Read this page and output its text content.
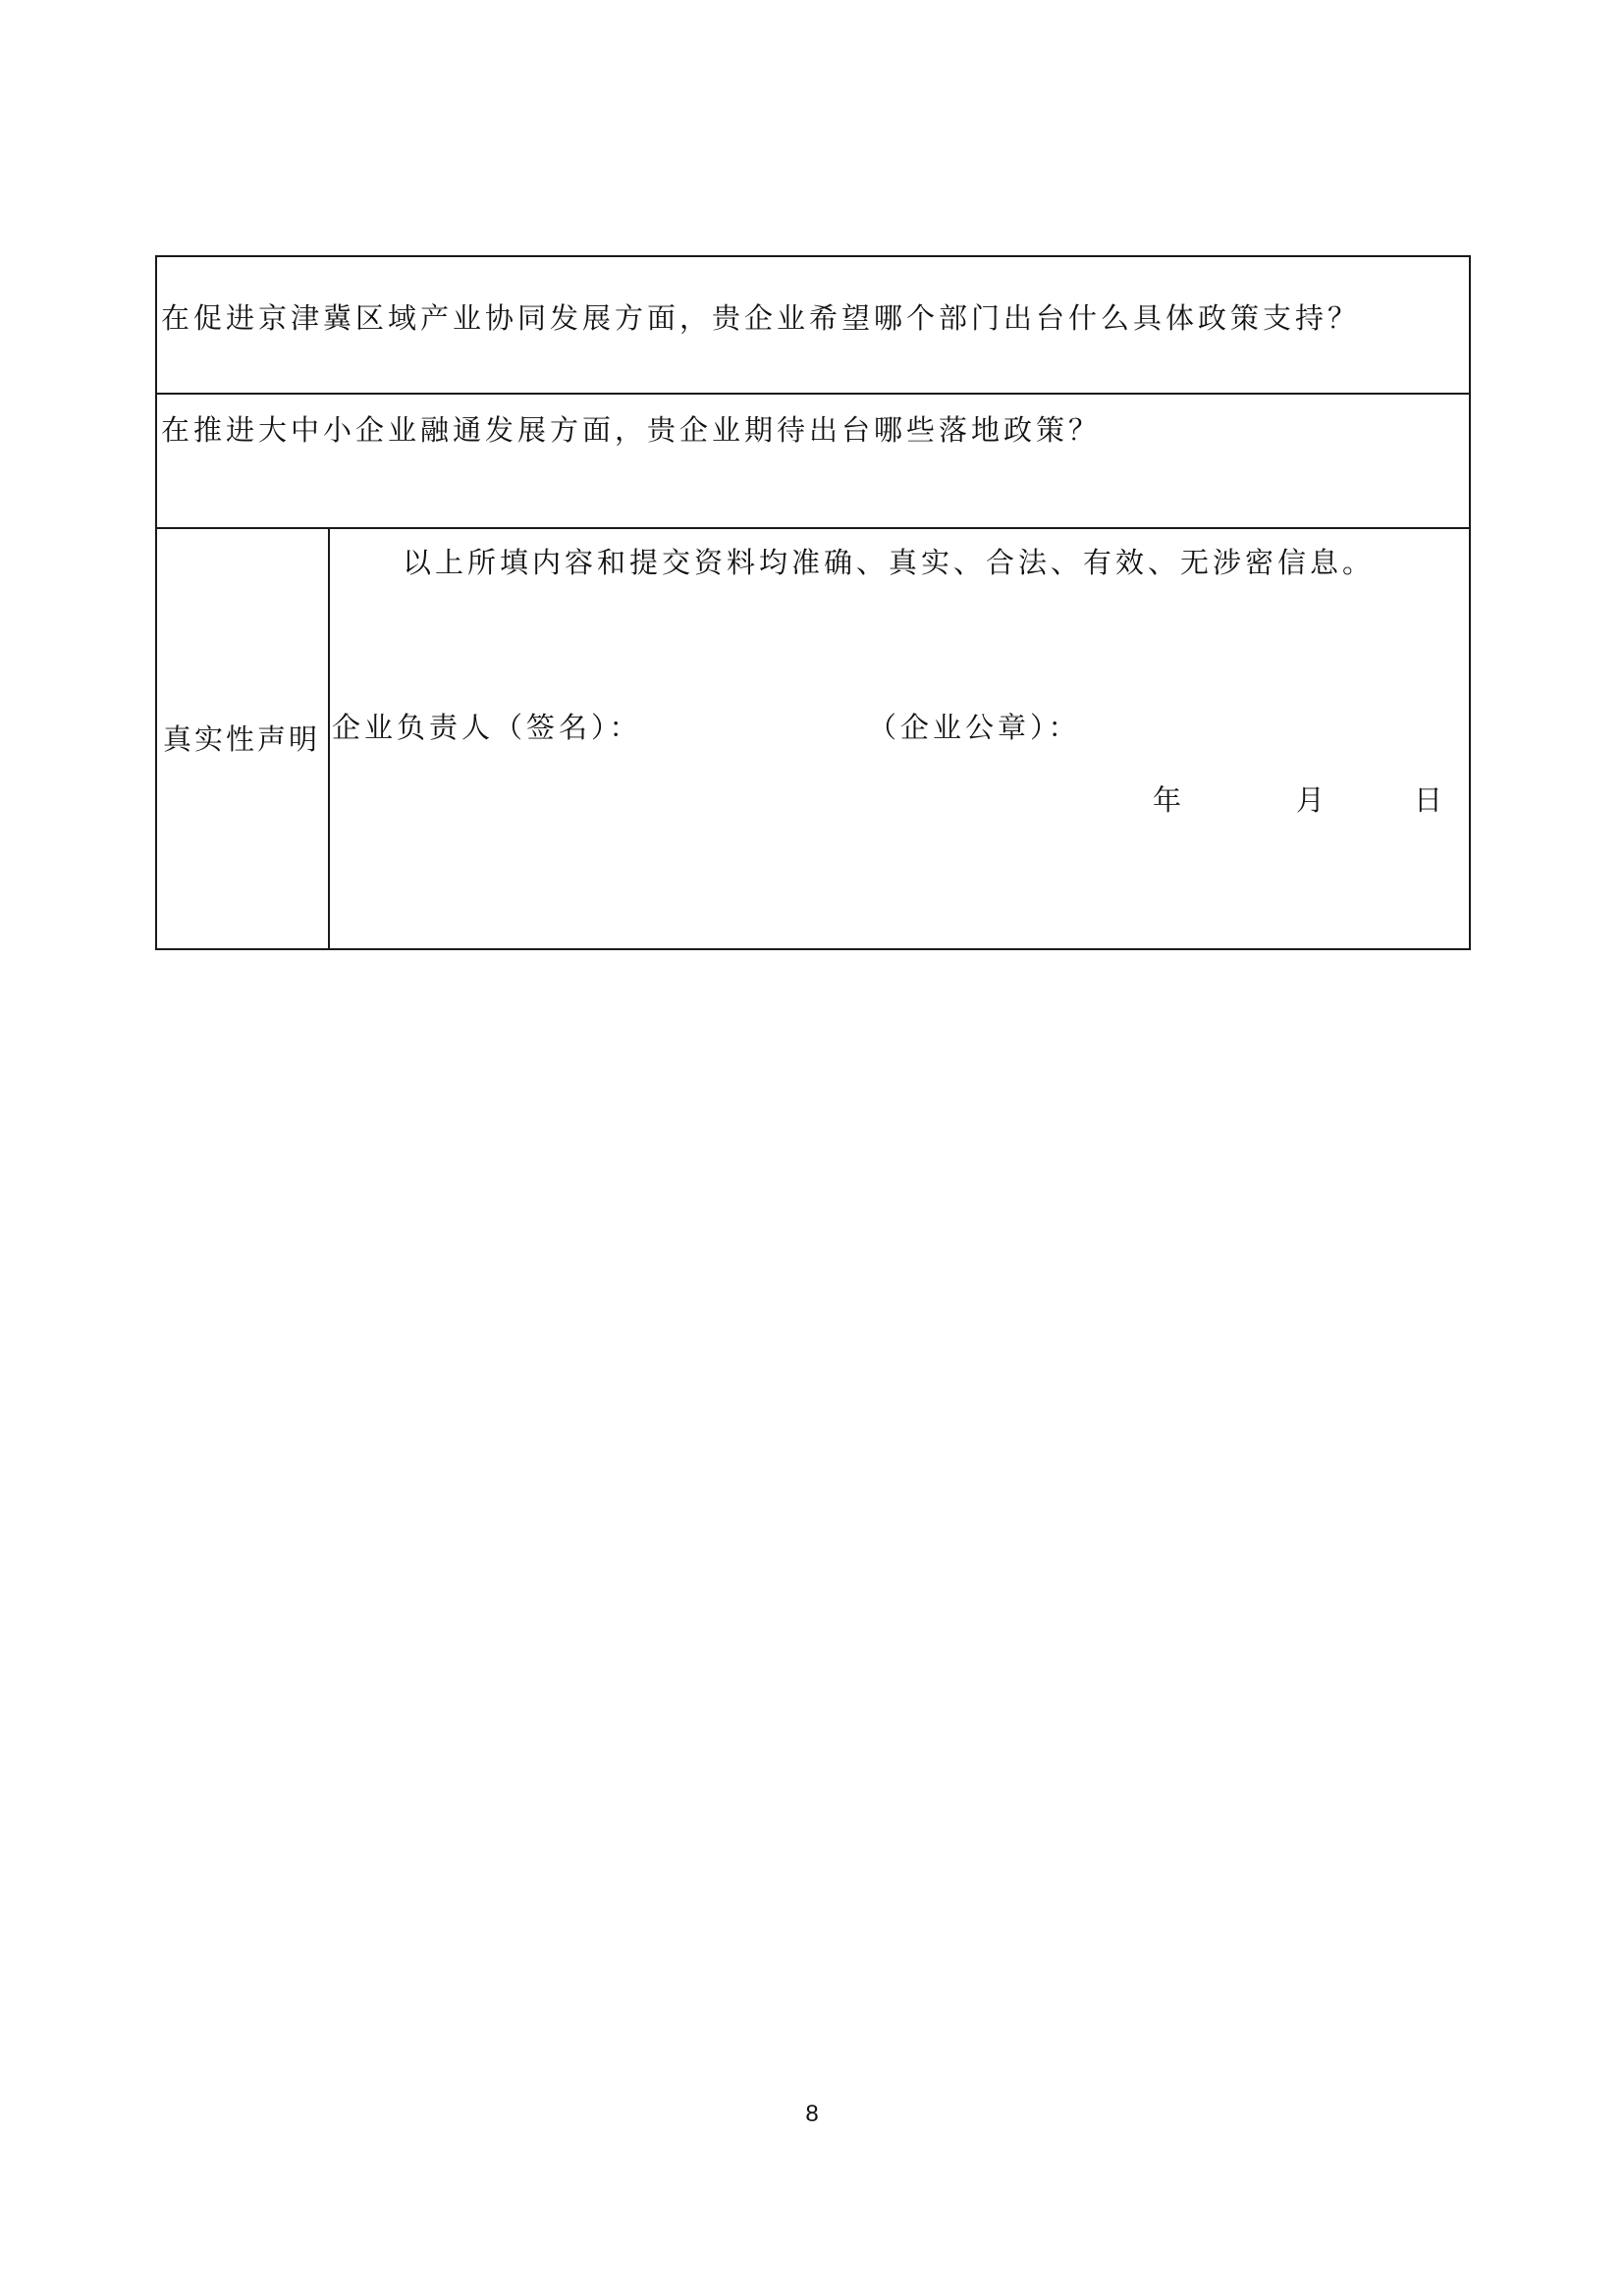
在促进京津冀区域产业协同发展方面，贵企业希望哪个部门出台什么具体政策支持？
在推进大中小企业融通发展方面，贵企业期待出台哪些落地政策？
真实性声明
以上所填内容和提交资料均准确、真实、合法、有效、无涉密信息。
企业负责人（签名）：	（企业公章）：
年	月	日
8
